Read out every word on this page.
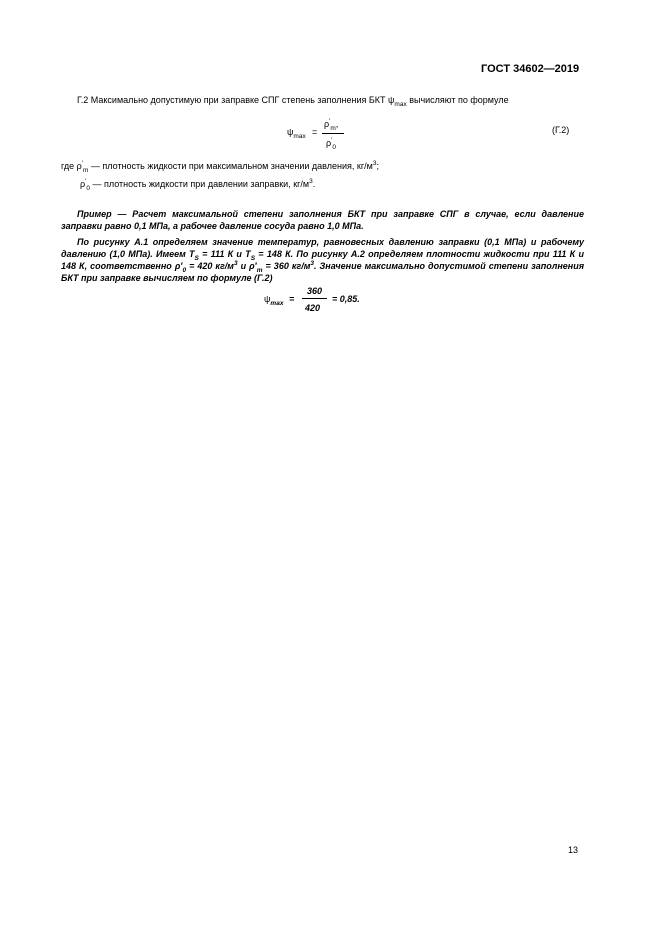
ГОСТ 34602—2019
Г.2 Максимально допустимую при заправке СПГ степень заполнения БКТ $\psi_{max}$ вычисляют по формуле
$\psi_{max}$ =
$\rho'_m$,
$\rho'_0$
(Г.2)
где $\rho'_m$ — плотность жидкости при максимальном значении давления, $кг/м^3$;
$\rho'_0$ — плотность жидкости при давлении заправки, $кг/м^3$.
Пример — Расчет максимальной степени заполнения БКТ при заправке СПГ в случае, если давление заправки равно 0,1 МПа, а рабочее давление сосуда равно 1,0 МПа.
По рисунку А.1 определяем значение температур, равновесных давлению заправки (0,1 МПа) и рабочему давлению (1,0 МПа). Имеем $T_S = 111$ К и $T_S = 148$ К. По рисунку А.2 определяем плотности жидкости при 111 К и 148 К, соответственно $\rho'_0 = 420$ $кг/м^3$ и $\rho'_m = 360$ $кг/м^3$. Значение максимально допустимой степени заполнения БКТ при заправке вычисляем по формуле (Г.2)
$\psi_{max}$ =
360
420
= 0,85.
13
